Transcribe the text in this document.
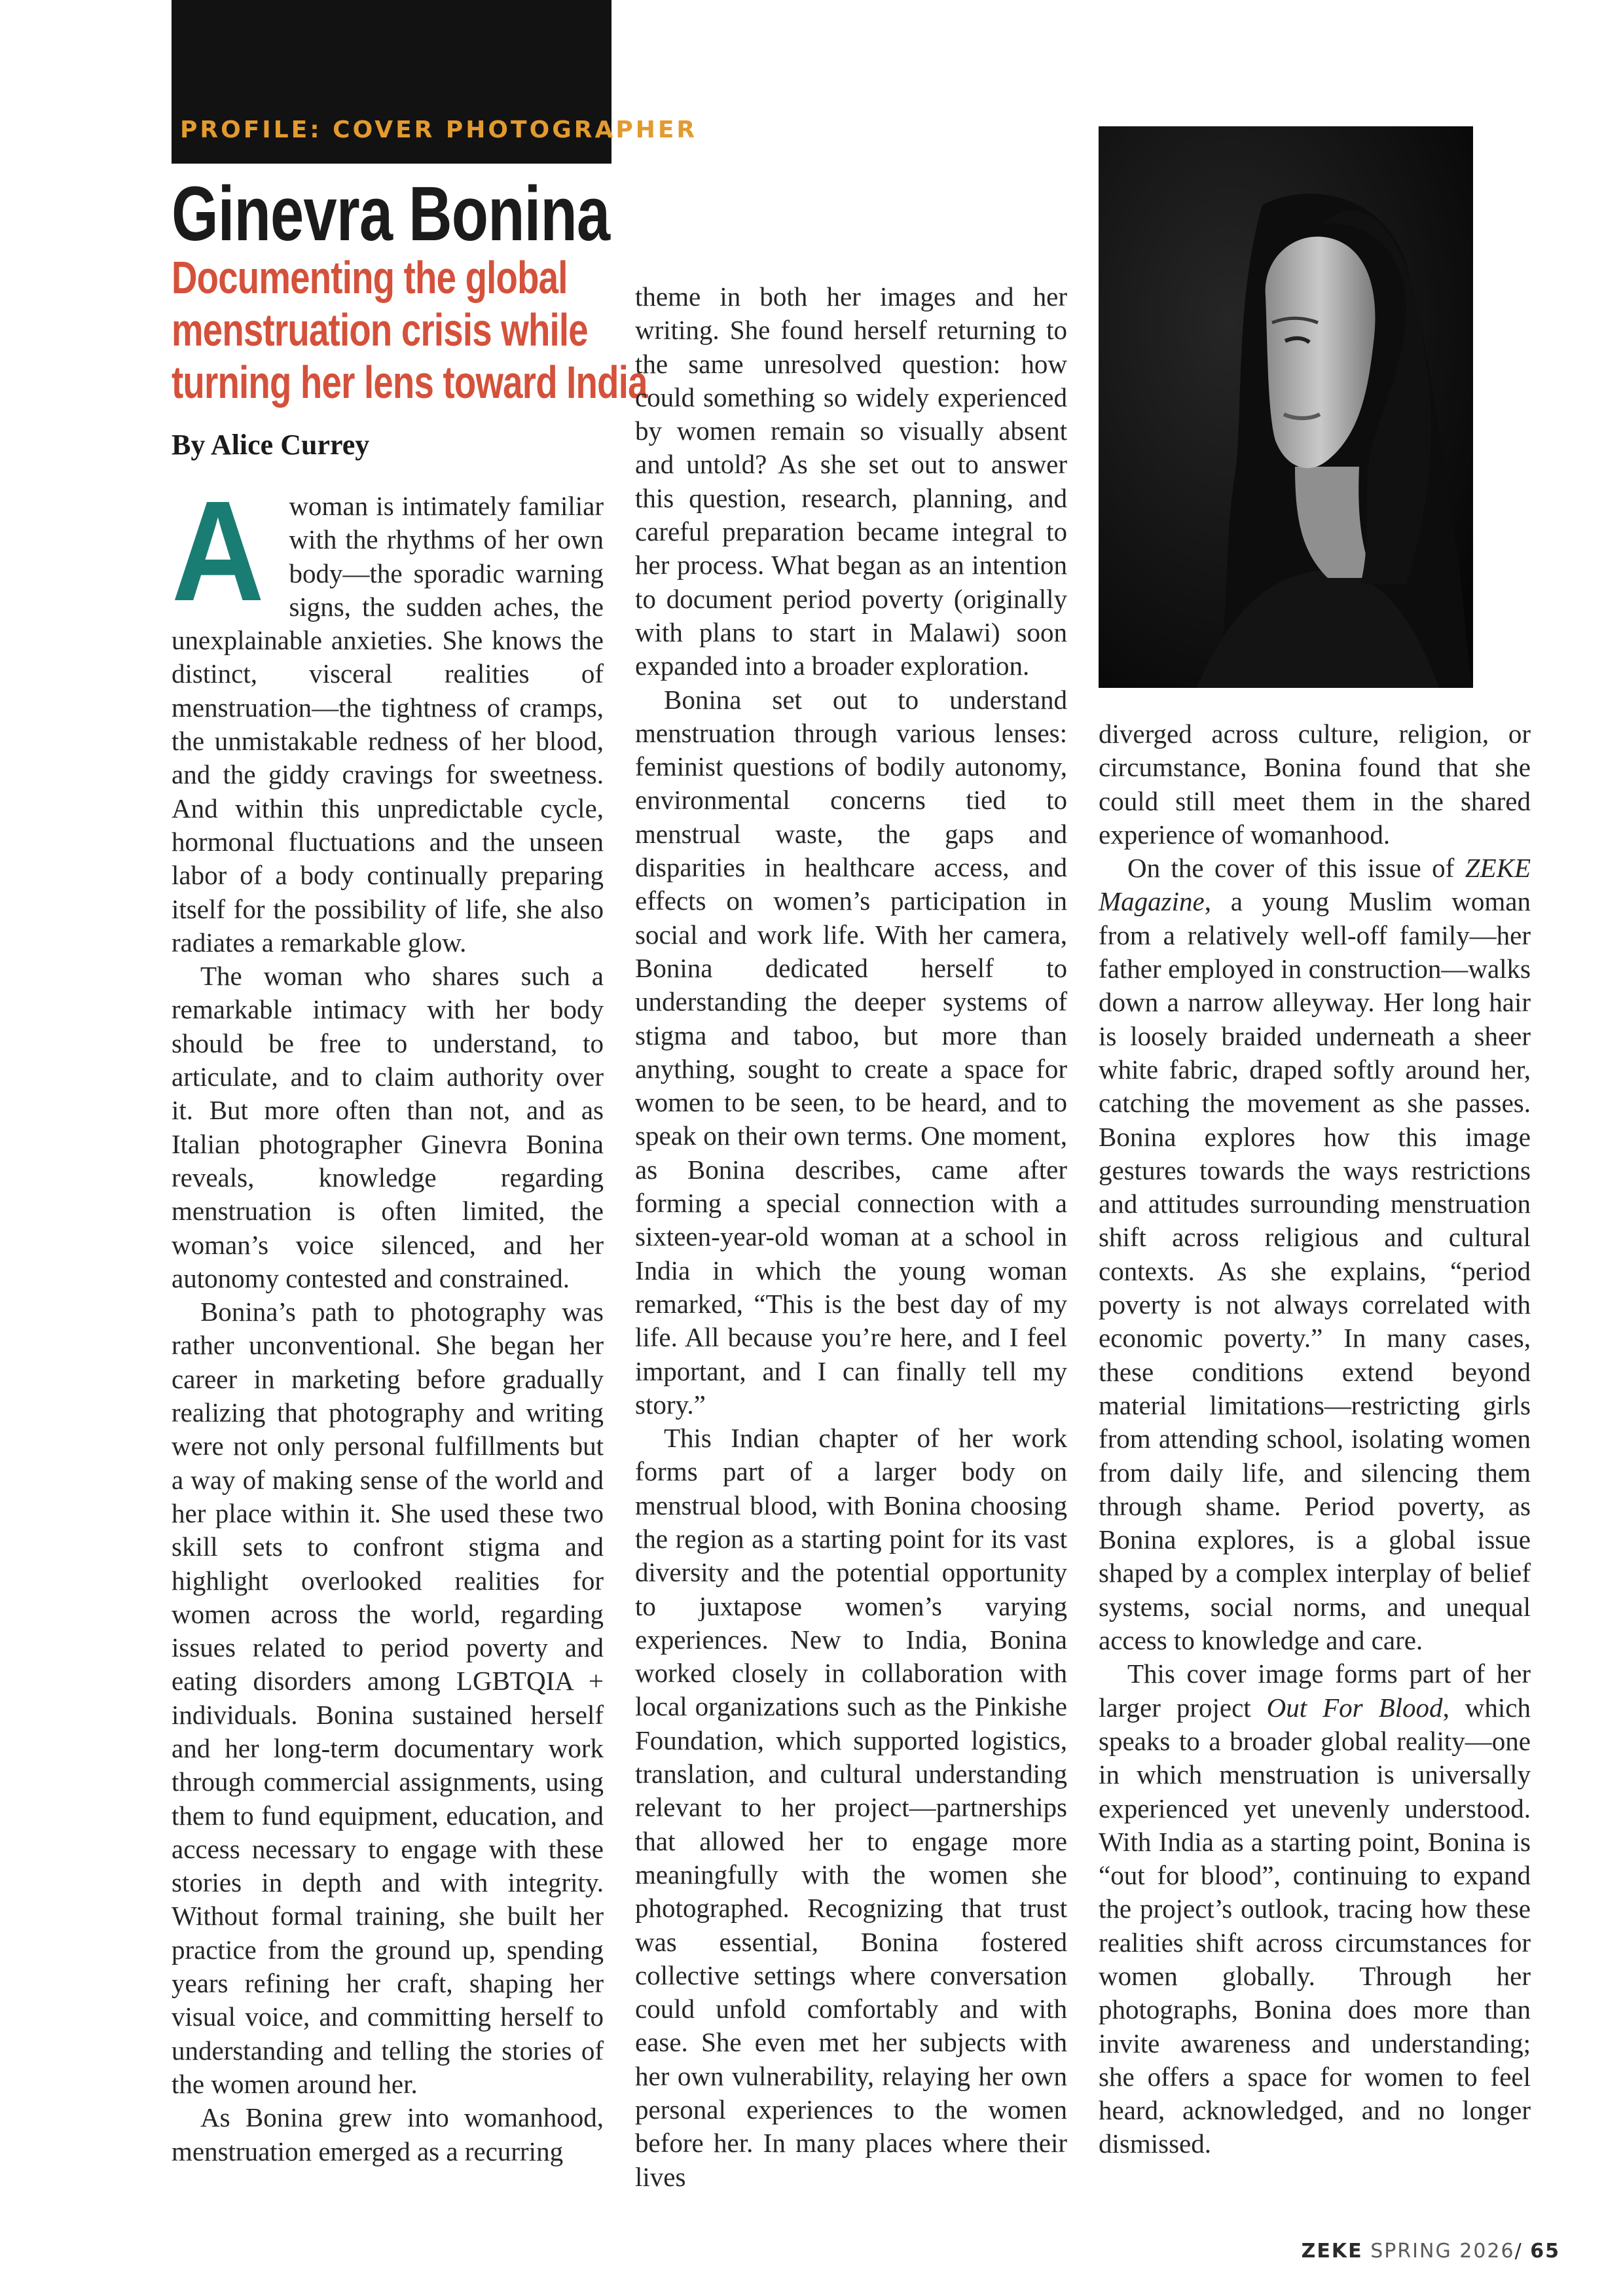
PROFILE: COVER PHOTOGRAPHER
Ginevra Bonina
Documenting the global
menstruation crisis while
turning her lens toward India
By Alice Currey

A woman is intimately familiar with the rhythms of her own body—the sporadic warning signs, the sudden aches, the unexplainable anxieties. She knows the distinct, visceral realities of menstruation—the tightness of cramps, the unmistakable redness of her blood, and the giddy cravings for sweetness. And within this unpredictable cycle, hormonal fluctuations and the unseen labor of a body continually preparing itself for the possibility of life, she also radiates a remarkable glow.

The woman who shares such a remarkable intimacy with her body should be free to understand, to articulate, and to claim authority over it. But more often than not, and as Italian photographer Ginevra Bonina reveals, knowledge regarding menstruation is often limited, the woman’s voice silenced, and her autonomy contested and constrained.

Bonina’s path to photography was rather unconventional. She began her career in marketing before gradually realizing that photography and writing were not only personal fulfillments but a way of making sense of the world and her place within it. She used these two skill sets to confront stigma and highlight overlooked realities for women across the world, regarding issues related to period poverty and eating disorders among LGBTQIA + individuals. Bonina sustained herself and her long-term documentary work through commercial assignments, using them to fund equipment, education, and access necessary to engage with these stories in depth and with integrity. Without formal training, she built her practice from the ground up, spending years refining her craft, shaping her visual voice, and committing herself to understanding and telling the stories of the women around her.

As Bonina grew into womanhood, menstruation emerged as a recurring

theme in both her images and her writing. She found herself returning to the same unresolved question: how could something so widely experienced by women remain so visually absent and untold? As she set out to answer this question, research, planning, and careful preparation became integral to her process. What began as an intention to document period poverty (originally with plans to start in Malawi) soon expanded into a broader exploration.

Bonina set out to understand menstruation through various lenses: feminist questions of bodily autonomy, environmental concerns tied to menstrual waste, the gaps and disparities in healthcare access, and effects on women’s participation in social and work life. With her camera, Bonina dedicated herself to understanding the deeper systems of stigma and taboo, but more than anything, sought to create a space for women to be seen, to be heard, and to speak on their own terms. One moment, as Bonina describes, came after forming a special connection with a sixteen-year-old woman at a school in India in which the young woman remarked, “This is the best day of my life. All because you’re here, and I feel important, and I can finally tell my story.”

This Indian chapter of her work forms part of a larger body on menstrual blood, with Bonina choosing the region as a starting point for its vast diversity and the potential opportunity to juxtapose women’s varying experiences. New to India, Bonina worked closely in collaboration with local organizations such as the Pinkishe Foundation, which supported logistics, translation, and cultural understanding relevant to her project—partnerships that allowed her to engage more meaningfully with the women she photographed. Recognizing that trust was essential, Bonina fostered collective settings where conversation could unfold comfortably and with ease. She even met her subjects with her own vulnerability, relaying her own personal experiences to the women before her. In many places where their lives

diverged across culture, religion, or circumstance, Bonina found that she could still meet them in the shared experience of womanhood.

On the cover of this issue of ZEKE Magazine, a young Muslim woman from a relatively well-off family—her father employed in construction—walks down a narrow alleyway. Her long hair is loosely braided underneath a sheer white fabric, draped softly around her, catching the movement as she passes. Bonina explores how this image gestures towards the ways restrictions and attitudes surrounding menstruation shift across religious and cultural contexts. As she explains, “period poverty is not always correlated with economic poverty.” In many cases, these conditions extend beyond material limitations—restricting girls from attending school, isolating women from daily life, and silencing them through shame. Period poverty, as Bonina explores, is a global issue shaped by a complex interplay of belief systems, social norms, and unequal access to knowledge and care.

This cover image forms part of her larger project Out For Blood, which speaks to a broader global reality—one in which menstruation is universally experienced yet unevenly understood. With India as a starting point, Bonina is “out for blood”, continuing to expand the project’s outlook, tracing how these realities shift across circumstances for women globally. Through her photographs, Bonina does more than invite awareness and understanding; she offers a space for women to feel heard, acknowledged, and no longer dismissed.

ZEKE SPRING 2026/ 65
